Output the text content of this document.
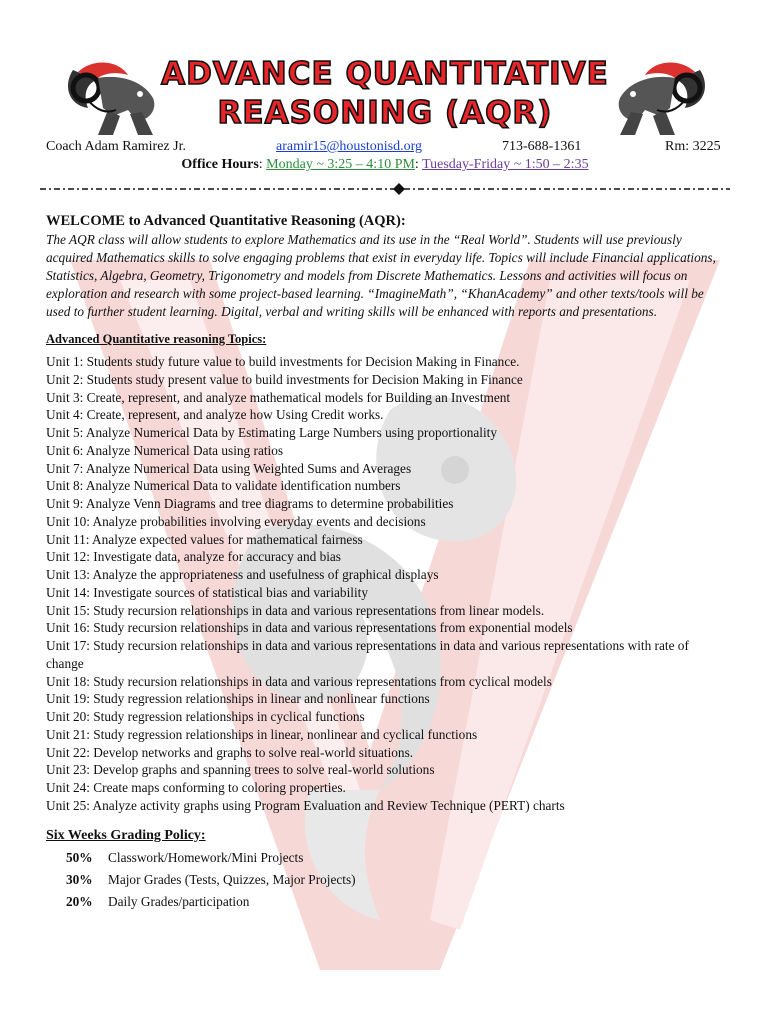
ADVANCE QUANTITATIVE
REASONING (AQR)
Coach Adam Ramirez Jr.	aramir15@houstonisd.org	713-688-1361	Rm: 3225
Office Hours: Monday ~ 3:25 – 4:10 PM: Tuesday-Friday ~ 1:50 – 2:35

WELCOME to Advanced Quantitative Reasoning (AQR):

The AQR class will allow students to explore Mathematics and its use in the “Real World”. Students will use previously acquired Mathematics skills to solve engaging problems that exist in everyday life. Topics will include Financial applications, Statistics, Algebra, Geometry, Trigonometry and models from Discrete Mathematics. Lessons and activities will focus on exploration and research with some project-based learning. “ImagineMath”, “KhanAcademy” and other texts/tools will be used to further student learning. Digital, verbal and writing skills will be enhanced with reports and presentations.

Advanced Quantitative reasoning Topics:

Unit 1: Students study future value to build investments for Decision Making in Finance.

Unit 2: Students study present value to build investments for Decision Making in Finance

Unit 3: Create, represent, and analyze mathematical models for Building an Investment

Unit 4: Create, represent, and analyze how Using Credit works.

Unit 5: Analyze Numerical Data by Estimating Large Numbers using proportionality

Unit 6: Analyze Numerical Data using ratios

Unit 7: Analyze Numerical Data using Weighted Sums and Averages

Unit 8: Analyze Numerical Data to validate identification numbers

Unit 9: Analyze Venn Diagrams and tree diagrams to determine probabilities

Unit 10: Analyze probabilities involving everyday events and decisions

Unit 11: Analyze expected values for mathematical fairness

Unit 12: Investigate data, analyze for accuracy and bias

Unit 13: Analyze the appropriateness and usefulness of graphical displays

Unit 14: Investigate sources of statistical bias and variability

Unit 15: Study recursion relationships in data and various representations from linear models.

Unit 16: Study recursion relationships in data and various representations from exponential models

Unit 17: Study recursion relationships in data and various representations in data and various representations with rate of change

Unit 18: Study recursion relationships in data and various representations from cyclical models

Unit 19: Study regression relationships in linear and nonlinear functions

Unit 20: Study regression relationships in cyclical functions

Unit 21: Study regression relationships in linear, nonlinear and cyclical functions

Unit 22: Develop networks and graphs to solve real-world situations.

Unit 23: Develop graphs and spanning trees to solve real-world solutions

Unit 24: Create maps conforming to coloring properties.

Unit 25: Analyze activity graphs using Program Evaluation and Review Technique (PERT) charts

Six Weeks Grading Policy:

50% Classwork/Homework/Mini Projects
30% Major Grades (Tests, Quizzes, Major Projects)
20% Daily Grades/participation
